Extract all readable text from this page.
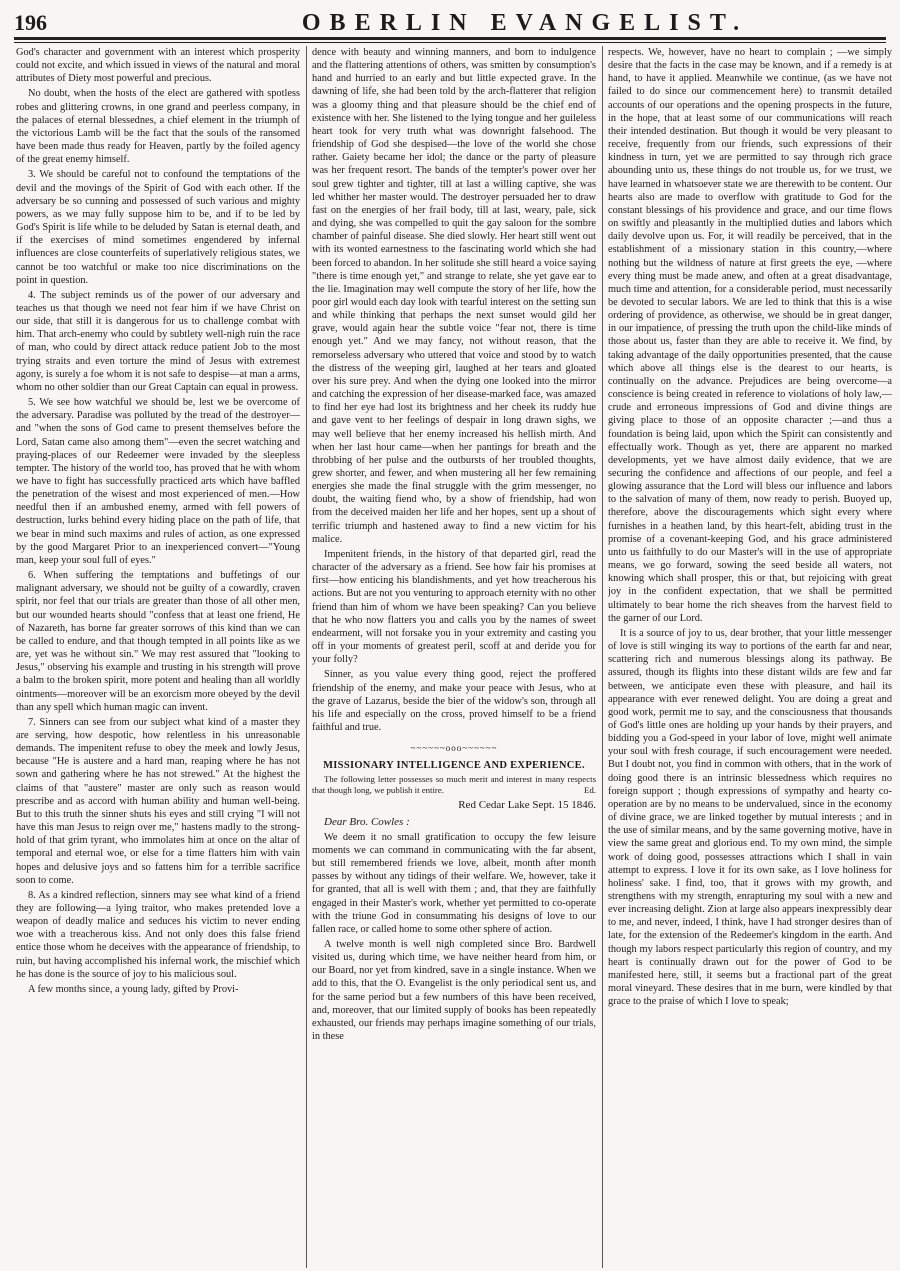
196	OBERLIN EVANGELIST.

God's character and government with an interest which prosperity could not excite, and which issued in views of the natural and moral attributes of Diety most powerful and precious.

No doubt, when the hosts of the elect are gathered with spotless robes and glittering crowns, in one grand and peerless company, in the palaces of eternal blessednes, a chief element in the triumph of the victorious Lamb will be the fact that the souls of the ransomed have been made thus ready for Heaven, partly by the foiled agency of the great enemy himself.

3. We should be careful not to confound the temptations of the devil and the movings of the Spirit of God with each other. If the adversary be so cunning and possessed of such various and mighty powers, as we may fully suppose him to be, and if to be led by God's Spirit is life while to be deluded by Satan is eternal death, and if the exercises of mind sometimes engendered by infernal influences are close counterfeits of superlatively religious states, we cannot be too watchful or make too nice discriminations on the point in question.

4. The subject reminds us of the power of our adversary and teaches us that though we need not fear him if we have Christ on our side, that still it is dangerous for us to challenge combat with him. That arch-enemy who could by subtlety well-nigh ruin the race of man, who could by direct attack reduce patient Job to the most trying straits and even torture the mind of Jesus with extremest agony, is surely a foe whom it is not safe to despise—at man a arms, whom no other soldier than our Great Captain can equal in prowess.

5. We see how watchful we should be, lest we be overcome of the adversary. Paradise was polluted by the tread of the destroyer—and "when the sons of God came to present themselves before the Lord, Satan came also among them"—even the secret watching and praying-places of our Redeemer were invaded by the sleepless tempter. The history of the world too, has proved that he with whom we have to fight has successfully practiced arts which have baffled the penetration of the wisest and most experienced of men.—How needful then if an ambushed enemy, armed with fell powers of destruction, lurks behind every hiding place on the path of life, that we bear in mind such maxims and rules of action, as one expressed by the good Margaret Prior to an inexperienced convert—"Young man, keep your soul full of eyes."

6. When suffering the temptations and buffetings of our malignant adversary, we should not be guilty of a cowardly, craven spirit, nor feel that our trials are greater than those of all other men, but our wounded hearts should "confess that at least one friend, He of Nazareth, has borne far greater sorrows of this kind than we can be called to endure, and that though tempted in all points like as we are, yet was he without sin." We may rest assured that "looking to Jesus," observing his example and trusting in his strength will prove a balm to the broken spirit, more potent and healing than all worldly ointments—moreover will be an exorcism more obeyed by the devil than any spell which human magic can invent.

7. Sinners can see from our subject what kind of a master they are serving, how despotic, how relentless in his unreasonable demands. The impenitent refuse to obey the meek and lowly Jesus, because "He is austere and a hard man, reaping where he has not sown and gathering where he has not strewed." At the highest the claims of that "austere" master are only such as reason would prescribe and as accord with human ability and human well-being. But to this truth the sinner shuts his eyes and still crying "I will not have this man Jesus to reign over me," hastens madly to the strong-hold of that grim tyrant, who immolates him at once on the altar of temporal and eternal woe, or else for a time flatters him with vain hopes and delusive joys and so fattens him for a terrible sacrifice soon to come.

8. As a kindred reflection, sinners may see what kind of a friend they are following—a lying traitor, who makes pretended love a weapon of deadly malice and seduces his victim to never ending woe with a treacherous kiss. And not only does this false friend entice those whom he deceives with the appearance of friendship, to ruin, but having accomplished his infernal work, the mischief which he has done is the source of joy to his malicious soul.

A few months since, a young lady, gifted by Provi-

dence with beauty and winning manners, and born to indulgence and the flattering attentions of others, was smitten by consumption's hand and hurried to an early and but little expected grave. In the dawning of life, she had been told by the arch-flatterer that religion was a gloomy thing and that pleasure should be the chief end of existence with her. She listened to the lying tongue and her guileless heart took for very truth what was downright falsehood. The friendship of God she despised—the love of the world she chose rather. Gaiety became her idol; the dance or the party of pleasure was her frequent resort. The bands of the tempter's power over her soul grew tighter and tighter, till at last a willing captive, she was led whither her master would. The destroyer persuaded her to draw fast on the energies of her frail body, till at last, weary, pale, sick and dying, she was compelled to quit the gay saloon for the sombre chamber of painful disease. She died slowly. Her heart still went out with its wonted earnestness to the fascinating world which she had been forced to abandon. In her solitude she still heard a voice saying "there is time enough yet," and strange to relate, she yet gave ear to the lie. Imagination may well compute the story of her life, how the poor girl would each day look with tearful interest on the setting sun and while thinking that perhaps the next sunset would gild her grave, would again hear the subtle voice "fear not, there is time enough yet." And we may fancy, not without reason, that the remorseless adversary who uttered that voice and stood by to watch the distress of the weeping girl, laughed at her tears and gloated over his sure prey. And when the dying one looked into the mirror and catching the expression of her disease-marked face, was amazed to find her eye had lost its brightness and her cheek its ruddy hue and gave vent to her feelings of despair in long drawn sighs, we may well believe that her enemy increased his hellish mirth. And when her last hour came—when her pantings for breath and the throbbing of her pulse and the outbursts of her troubled thoughts, grew shorter, and fewer, and when mustering all her few remaining energies she made the final struggle with the grim messenger, no doubt, the waiting fiend who, by a show of friendship, had won from the deceived maiden her life and her hopes, sent up a shout of terrific triumph and hastened away to find a new victim for his malice.

Impenitent friends, in the history of that departed girl, read the character of the adversary as a friend. See how fair his promises at first—how enticing his blandishments, and yet how treacherous his actions. But are not you venturing to approach eternity with no other friend than him of whom we have been speaking? Can you believe that he who now flatters you and calls you by the names of sweet endearment, will not forsake you in your extremity and casting you off in your moments of greatest peril, scoff at and deride you for your folly?

Sinner, as you value every thing good, reject the proffered friendship of the enemy, and make your peace with Jesus, who at the grave of Lazarus, beside the bier of the widow's son, through all his life and especially on the cross, proved himself to be a friend faithful and true.

~~~~~~ooo~~~~~~
MISSIONARY INTELLIGENCE AND EXPERIENCE.
The following letter possesses so much merit and interest in many respects that though long, we publish it entire.	Ed.
Red Cedar Lake Sept. 15 1846.
Dear Bro. Cowles :

We deem it no small gratification to occupy the few leisure moments we can command in communicating with the far absent, but still remembered friends we love, albeit, month after month passes by without any tidings of their welfare. We, however, take it for granted, that all is well with them ; and, that they are faithfully engaged in their Master's work, whether yet permitted to co-operate with the triune God in consummating his designs of love to our fallen race, or called home to some other sphere of action.

A twelve month is well nigh completed since Bro. Bardwell visited us, during which time, we have neither heard from him, or our Board, nor yet from kindred, save in a single instance. When we add to this, that the O. Evangelist is the only periodical sent us, and for the same period but a few numbers of this have been received, and, moreover, that our limited supply of books has been repeatedly exhausted, our friends may perhaps imagine something of our trials, in these

respects. We, however, have no heart to complain ; —we simply desire that the facts in the case may be known, and if a remedy is at hand, to have it applied. Meanwhile we continue, (as we have not failed to do since our commencement here) to transmit detailed accounts of our operations and the opening prospects in the future, in the hope, that at least some of our communications will reach their intended destination. But though it would be very pleasant to receive, frequently from our friends, such expressions of their kindness in turn, yet we are permitted to say through rich grace abounding unto us, these things do not trouble us, for we trust, we have learned in whatsoever state we are therewith to be content. Our hearts also are made to overflow with gratitude to God for the constant blessings of his providence and grace, and our time flows on swiftly and pleasantly in the multiplied duties and labors which daily devolve upon us. For, it will readily be perceived, that in the establishment of a missionary station in this country,—where nothing but the wildness of nature at first greets the eye, —where every thing must be made anew, and often at a great disadvantage, much time and attention, for a considerable period, must necessarily be devoted to secular labors. We are led to think that this is a wise ordering of providence, as otherwise, we should be in great danger, in our impatience, of pressing the truth upon the child-like minds of those about us, faster than they are able to receive it. We find, by taking advantage of the daily opportunities presented, that the cause which above all things else is the dearest to our hearts, is continually on the advance. Prejudices are being overcome—a conscience is being created in reference to violations of holy law,—crude and erroneous impressions of God and divine things are giving place to those of an opposite character ;—and thus a foundation is being laid, upon which the Spirit can consistently and effectually work. Though as yet, there are apparent no marked developments, yet we have almost daily evidence, that we are securing the confidence and affections of our people, and feel a glowing assurance that the Lord will bless our influence and labors to the salvation of many of them, now ready to perish. Buoyed up, therefore, above the discouragements which sight every where furnishes in a heathen land, by this heart-felt, abiding trust in the promise of a covenant-keeping God, and his grace administered unto us faithfully to do our Master's will in the use of appropriate means, we go forward, sowing the seed beside all waters, not knowing which shall prosper, this or that, but rejoicing with great joy in the confident expectation, that we shall be permitted ultimately to bear home the rich sheaves from the harvest field to the garner of our Lord.

It is a source of joy to us, dear brother, that your little messenger of love is still winging its way to portions of the earth far and near, scattering rich and numerous blessings along its pathway. Be assured, though its flights into these distant wilds are few and far between, we anticipate even these with pleasure, and hail its appearance with ever renewed delight. You are doing a great and good work, permit me to say, and the consciousness that thousands of God's little ones are holding up your hands by their prayers, and bidding you a God-speed in your labor of love, might well animate your soul with fresh courage, if such encouragement were needed. But I doubt not, you find in common with others, that in the work of doing good there is an intrinsic blessedness which requires no foreign support ; though expressions of sympathy and hearty co-operation are by no means to be undervalued, since in the economy of divine grace, we are linked together by mutual interests ; and in the use of similar means, and by the same governing motive, have in view the same great and glorious end. To my own mind, the simple work of doing good, possesses attractions which I shall in vain attempt to express. I love it for its own sake, as I love holiness for holiness' sake. I find, too, that it grows with my growth, and strengthens with my strength, enrapturing my soul with a new and ever increasing delight. Zion at large also appears inexpressibly dear to me, and never, indeed, I think, have I had stronger desires than of late, for the extension of the Redeemer's kingdom in the earth. And though my labors respect particularly this region of country, and my heart is continually drawn out for the power of God to be manifested here, still, it seems but a fractional part of the great moral vineyard. These desires that in me burn, were kindled by that grace to the praise of which I love to speak;
